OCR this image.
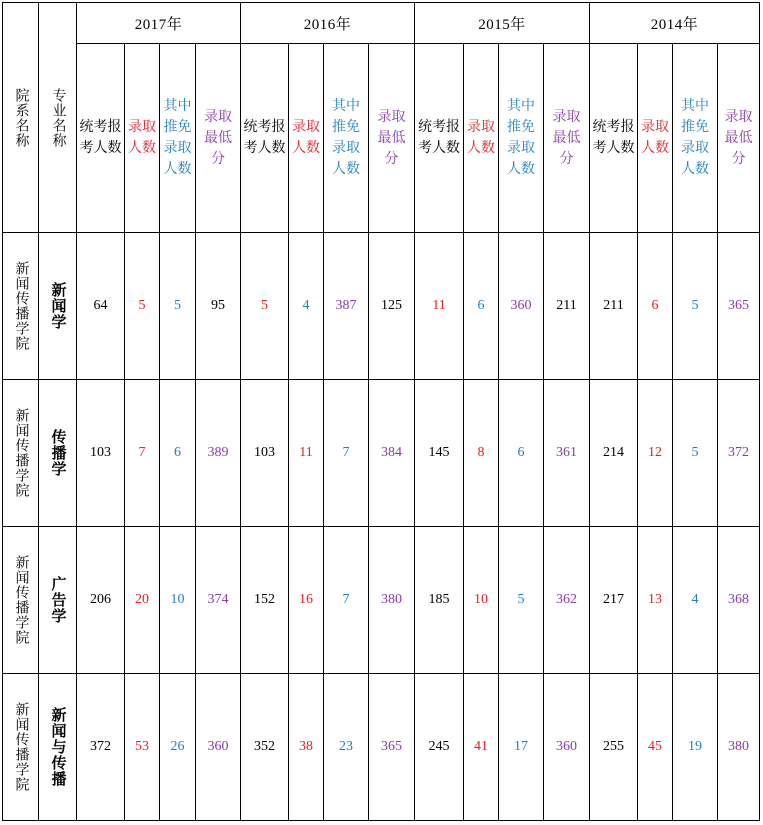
院系名称	专业名称	2017年				2016年				2015年				2014年			
		统考报考人数	录取人数	其中推免录取人数	录取最低分	统考报考人数	录取人数	其中推免录取人数	录取最低分	统考报考人数	录取人数	其中推免录取人数	录取最低分	统考报考人数	录取人数	其中推免录取人数	录取最低分
新闻传播学院	新闻学	64	5	5	95	5	4	387	125	11	6	360	211	211	6	5	365
新闻传播学院	传播学	103	7	6	389	103	11	7	384	145	8	6	361	214	12	5	372
新闻传播学院	广告学	206	20	10	374	152	16	7	380	185	10	5	362	217	13	4	368
新闻传播学院	新闻与传播	372	53	26	360	352	38	23	365	245	41	17	360	255	45	19	380
